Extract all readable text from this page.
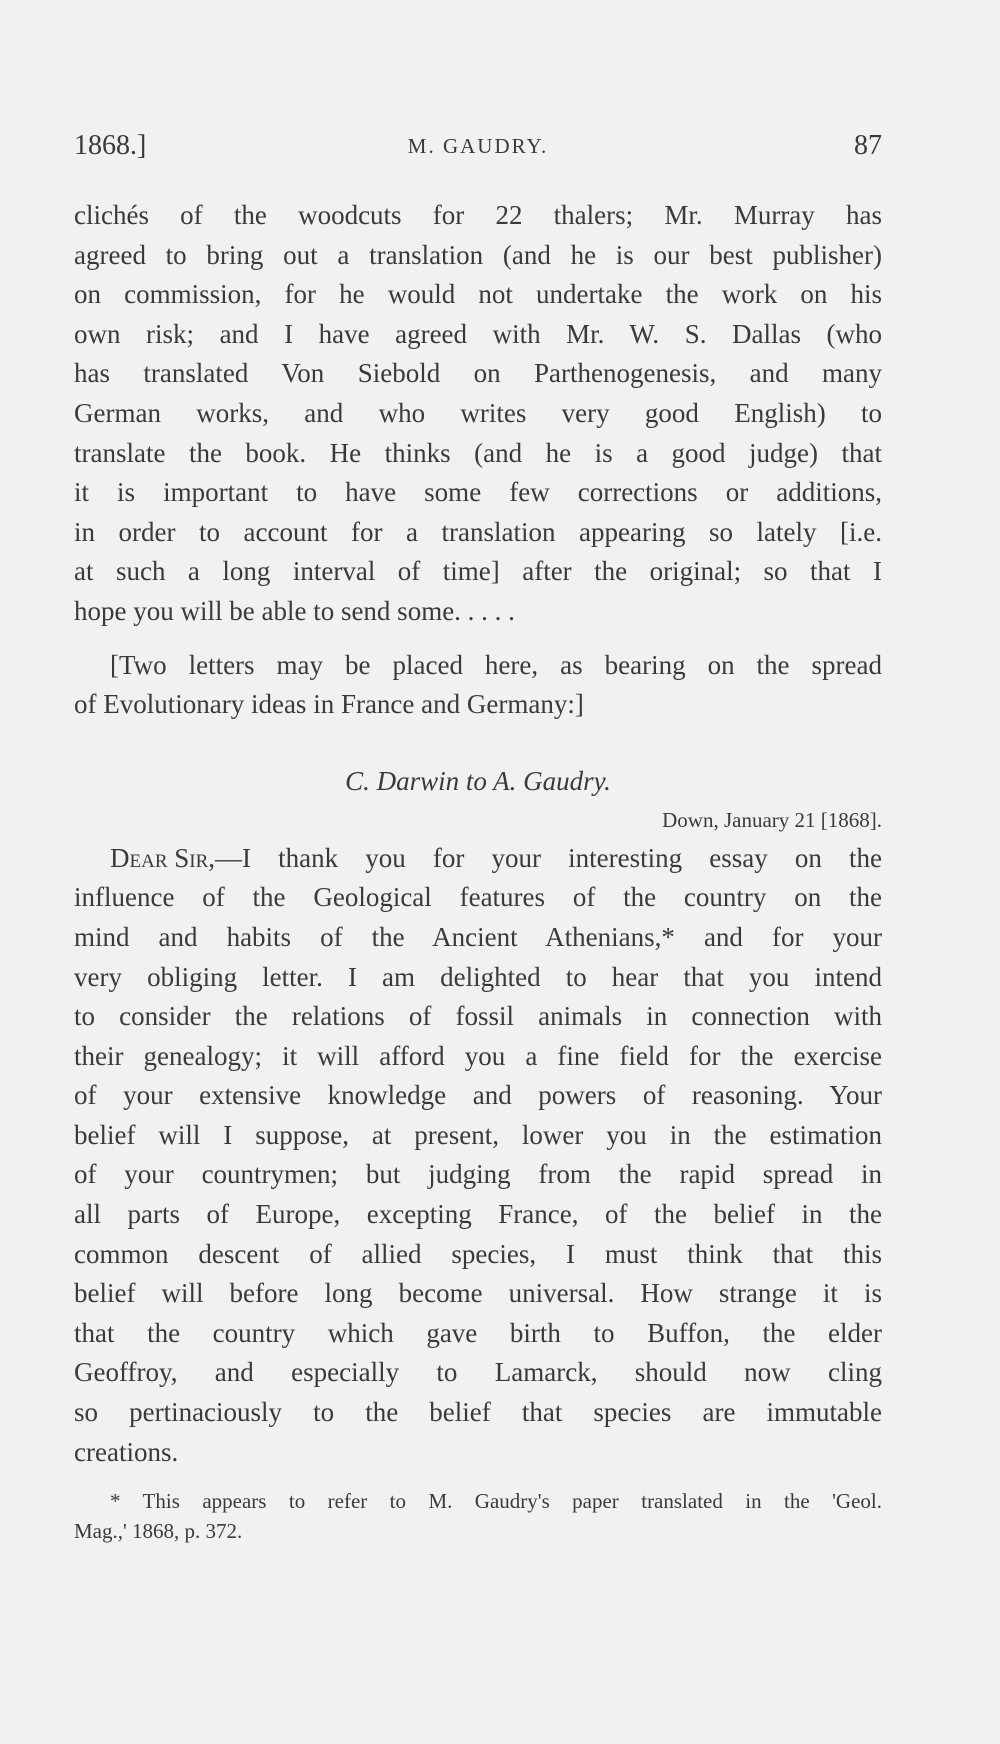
1868.]	M. GAUDRY.	87
clichés of the woodcuts for 22 thalers; Mr. Murray has
agreed to bring out a translation (and he is our best publisher)
on commission, for he would not undertake the work on his
own risk; and I have agreed with Mr. W. S. Dallas (who
has translated Von Siebold on Parthenogenesis, and many
German works, and who writes very good English) to
translate the book. He thinks (and he is a good judge) that
it is important to have some few corrections or additions,
in order to account for a translation appearing so lately [i.e.
at such a long interval of time] after the original; so that I
hope you will be able to send some. . . . .
[Two letters may be placed here, as bearing on the spread
of Evolutionary ideas in France and Germany:]
C. Darwin to A. Gaudry.
Down, January 21 [1868].
Dear Sir, —I thank you for your interesting essay on the
influence of the Geological features of the country on the
mind and habits of the Ancient Athenians,* and for your
very obliging letter. I am delighted to hear that you intend
to consider the relations of fossil animals in connection with
their genealogy; it will afford you a fine field for the exercise
of your extensive knowledge and powers of reasoning. Your
belief will I suppose, at present, lower you in the estimation
of your countrymen; but judging from the rapid spread in
all parts of Europe, excepting France, of the belief in the
common descent of allied species, I must think that this
belief will before long become universal. How strange it is
that the country which gave birth to Buffon, the elder
Geoffroy, and especially to Lamarck, should now cling
so pertinaciously to the belief that species are immutable
creations.
* This appears to refer to M. Gaudry's paper translated in the 'Geol.
Mag.,' 1868, p. 372.
